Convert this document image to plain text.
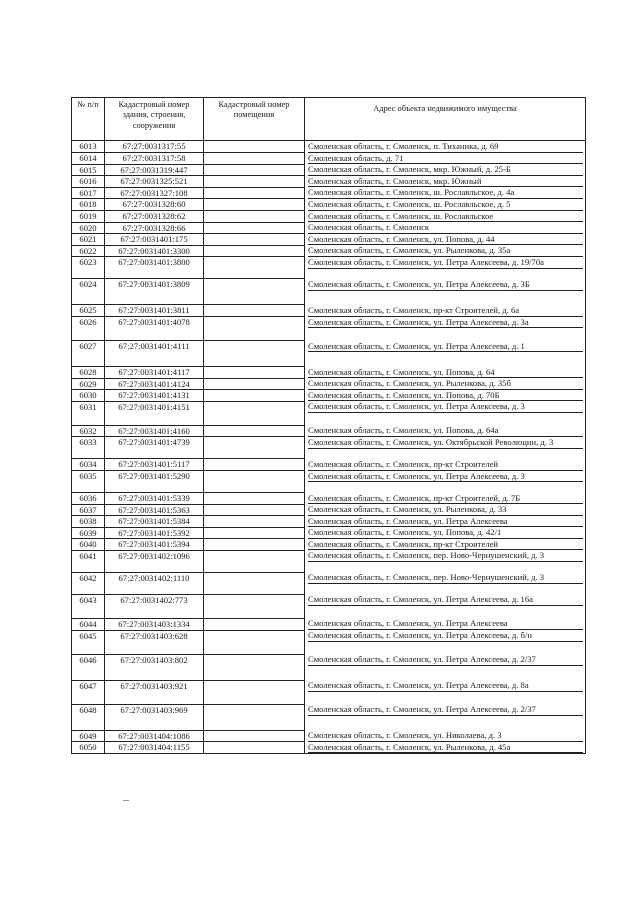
№ п/п	Кадастровый номер здания, строения, сооружения	Кадастровый номер помещения	Адрес объекта недвижимого имущества
6013	67:27:0031317:55		Смоленская область, г. Смоленск, п. Тиханика, д. 69

6014	67:27:0031317:58		Смоленская область, д. 71

6015	67:27:0031319:447		Смоленская область, г. Смоленск, мкр. Южный, д. 25-Б

6016	67:27:0031325:521		Смоленская область, г. Смоленск, мкр. Южный

6017	67:27:0031327:108		Смоленская область, г. Смоленск, ш. Рославльское, д. 4а

6018	67:27:0031328:60		Смоленская область, г. Смоленск, ш. Рославльское, д. 5

6019	67:27:0031328:62		Смоленская область, г. Смоленск, ш. Рославльское

6020	67:27:0031328:66		Смоленская область, г. Смоленск

6021	67:27:0031401:175		Смоленская область, г. Смоленск, ул. Попова, д. 44

6022	67:27:0031401:3300		Смоленская область, г. Смоленск, ул. Рыленкова, д. 35а

6023	67:27:0031401:3800		Смоленская область, г. Смоленск, ул. Петра Алексеева, д. 19/70а

6024	67:27:0031401:3809		Смоленская область, г. Смоленск, ул. Петра Алексеева, д. 3Б

6025	67:27:0031401:3811		Смоленская область, г. Смоленск, пр-кт Строителей, д. 6а

6026	67:27:0031401:4078		Смоленская область, г. Смоленск, ул. Петра Алексеева, д. 3а

6027	67:27:0031401:4111		Смоленская область, г. Смоленск, ул. Петра Алексеева, д. 1

6028	67:27:0031401:4117		Смоленская область, г. Смоленск, ул. Попова, д. 64

6029	67:27:0031401:4124		Смоленская область, г. Смоленск, ул. Рыленкова, д. 35б

6030	67:27:0031401:4131		Смоленская область, г. Смоленск, ул. Попова, д. 70Б

6031	67:27:0031401:4151		Смоленская область, г. Смоленск, ул. Петра Алексеева, д. 3

6032	67:27:0031401:4160		Смоленская область, г. Смоленск, ул. Попова, д. 64а

6033	67:27:0031401:4739		Смоленская область, г. Смоленск, ул. Октябрьской Революции, д. 3

6034	67:27:0031401:5117		Смоленская область, г. Смоленск, пр-кт Строителей

6035	67:27:0031401:5290		Смоленская область, г. Смоленск, ул. Петра Алексеева, д. 3

6036	67:27:0031401:5339		Смоленская область, г. Смоленск, пр-кт Строителей, д. 7Б

6037	67:27:0031401:5363		Смоленская область, г. Смоленск, ул. Рыленкова, д. 33

6038	67:27:0031401:5384		Смоленская область, г. Смоленск, ул. Петра Алексеева

6039	67:27:0031401:5392		Смоленская область, г. Смоленск, ул. Попова, д. 42/1

6040	67:27:0031401:5394		Смоленская область, г. Смоленск, пр-кт Строителей

6041	67:27:0031402:1096		Смоленская область, г. Смоленск, пер. Ново-Чернушенский, д. 3

6042	67:27:0031402:1110		Смоленская область, г. Смоленск, пер. Ново-Чернушенский, д. 3

6043	67:27:0031402:773		Смоленская область, г. Смоленск, ул. Петра Алексеева, д. 16а

6044	67:27:0031403:1334		Смоленская область, г. Смоленск, ул. Петра Алексеева

6045	67:27:0031403:628		Смоленская область, г. Смоленск, ул. Петра Алексеева, д. б/н

6046	67:27:0031403:802		Смоленская область, г. Смоленск, ул. Петра Алексеева, д. 2/37

6047	67:27:0031403:921		Смоленская область, г. Смоленск, ул. Петра Алексеева, д. 8а

6048	67:27:0031403:969		Смоленская область, г. Смоленск, ул. Петра Алексеева, д. 2/37

6049	67:27:0031404:1086		Смоленская область, г. Смоленск, ул. Николаева, д. 3

6050	67:27:0031404:1155		Смоленская область, г. Смоленск, ул. Рыленкова, д. 45а
